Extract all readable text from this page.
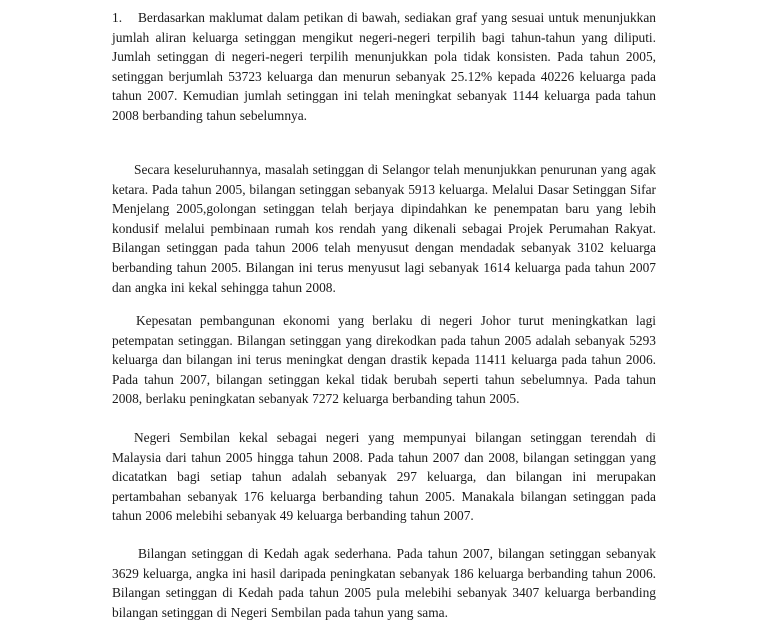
1. Berdasarkan maklumat dalam petikan di bawah, sediakan graf yang sesuai untuk menunjukkan jumlah aliran keluarga setinggan mengikut negeri-negeri terpilih bagi tahun-tahun yang diliputi. Jumlah setinggan di negeri-negeri terpilih menunjukkan pola tidak konsisten. Pada tahun 2005, setinggan berjumlah 53723 keluarga dan menurun sebanyak 25.12% kepada 40226 keluarga pada tahun 2007. Kemudian jumlah setinggan ini telah meningkat sebanyak 1144 keluarga pada tahun 2008 berbanding tahun sebelumnya.

Secara keseluruhannya, masalah setinggan di Selangor telah menunjukkan penurunan yang agak ketara. Pada tahun 2005, bilangan setinggan sebanyak 5913 keluarga. Melalui Dasar Setinggan Sifar Menjelang 2005,golongan setinggan telah berjaya dipindahkan ke penempatan baru yang lebih kondusif melalui pembinaan rumah kos rendah yang dikenali sebagai Projek Perumahan Rakyat. Bilangan setinggan pada tahun 2006 telah menyusut dengan mendadak sebanyak 3102 keluarga berbanding tahun 2005. Bilangan ini terus menyusut lagi sebanyak 1614 keluarga pada tahun 2007 dan angka ini kekal sehingga tahun 2008.

Kepesatan pembangunan ekonomi yang berlaku di negeri Johor turut meningkatkan lagi petempatan setinggan. Bilangan setinggan yang direkodkan pada tahun 2005 adalah sebanyak 5293 keluarga dan bilangan ini terus meningkat dengan drastik kepada 11411 keluarga pada tahun 2006. Pada tahun 2007, bilangan setinggan kekal tidak berubah seperti tahun sebelumnya. Pada tahun 2008, berlaku peningkatan sebanyak 7272 keluarga berbanding tahun 2005.

Negeri Sembilan kekal sebagai negeri yang mempunyai bilangan setinggan terendah di Malaysia dari tahun 2005 hingga tahun 2008. Pada tahun 2007 dan 2008, bilangan setinggan yang dicatatkan bagi setiap tahun adalah sebanyak 297 keluarga, dan bilangan ini merupakan pertambahan sebanyak 176 keluarga berbanding tahun 2005. Manakala bilangan setinggan pada tahun 2006 melebihi sebanyak 49 keluarga berbanding tahun 2007.

Bilangan setinggan di Kedah agak sederhana. Pada tahun 2007, bilangan setinggan sebanyak 3629 keluarga, angka ini hasil daripada peningkatan sebanyak 186 keluarga berbanding tahun 2006. Bilangan setinggan di Kedah pada tahun 2005 pula melebihi sebanyak 3407 keluarga berbanding bilangan setinggan di Negeri Sembilan pada tahun yang sama.
